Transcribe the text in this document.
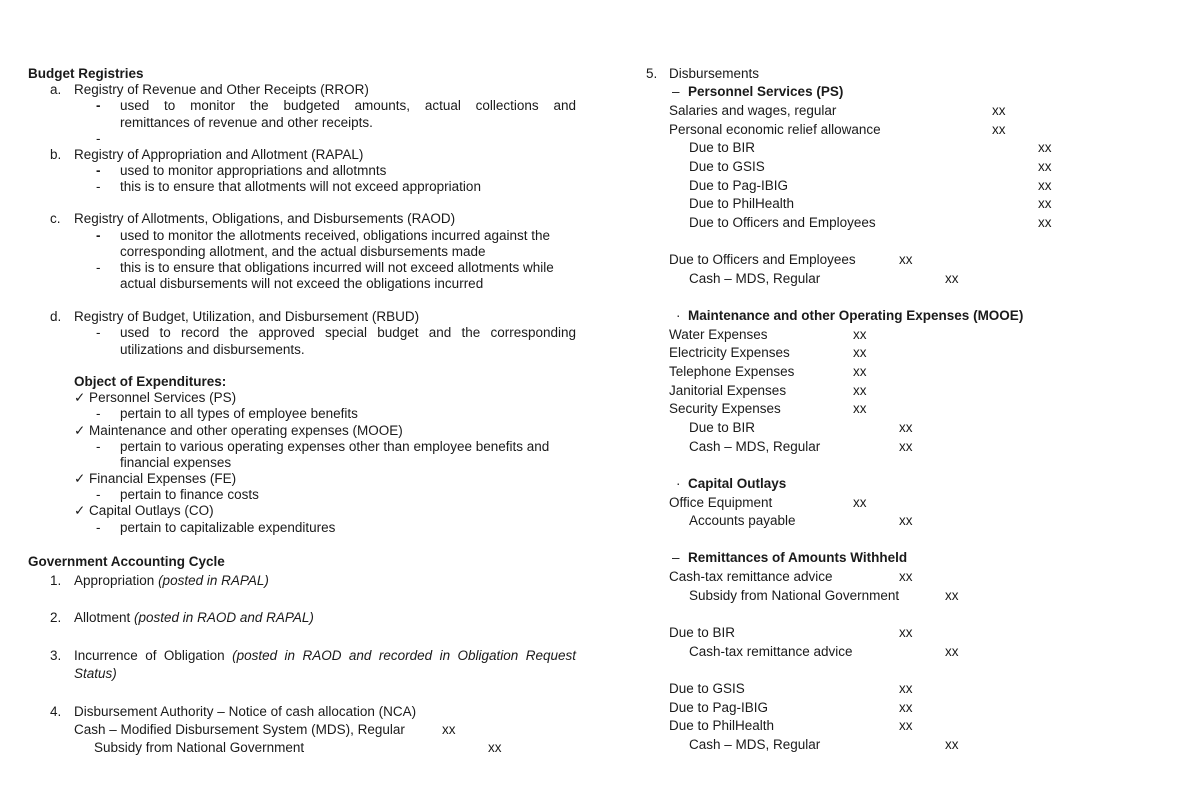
Budget Registries
a. Registry of Revenue and Other Receipts (RROR)
- used to monitor the budgeted amounts, actual collections and
remittances of revenue and other receipts.
-
b. Registry of Appropriation and Allotment (RAPAL)
- used to monitor appropriations and allotmnts
- this is to ensure that allotments will not exceed appropriation
c. Registry of Allotments, Obligations, and Disbursements (RAOD)
- used to monitor the allotments received, obligations incurred against the
corresponding allotment, and the actual disbursements made
- this is to ensure that obligations incurred will not exceed allotments while
actual disbursements will not exceed the obligations incurred
d. Registry of Budget, Utilization, and Disbursement (RBUD)
- used to record the approved special budget and the corresponding
utilizations and disbursements.
Object of Expenditures:
✓ Personnel Services (PS)
- pertain to all types of employee benefits
✓ Maintenance and other operating expenses (MOOE)
- pertain to various operating expenses other than employee benefits and
financial expenses
✓ Financial Expenses (FE)
- pertain to finance costs
✓ Capital Outlays (CO)
- pertain to capitalizable expenditures
Government Accounting Cycle
1. Appropriation (posted in RAPAL)
2. Allotment (posted in RAOD and RAPAL)
3. Incurrence of Obligation (posted in RAOD and recorded in Obligation Request
Status)
4. Disbursement Authority – Notice of cash allocation (NCA)
Cash – Modified Disbursement System (MDS), Regular	xx
Subsidy from National Government	xx
5. Disbursements
– Personnel Services (PS)
Salaries and wages, regular	xx
Personal economic relief allowance	xx
Due to BIR	xx
Due to GSIS	xx
Due to Pag-IBIG	xx
Due to PhilHealth	xx
Due to Officers and Employees	xx
Due to Officers and Employees	xx
Cash – MDS, Regular	xx
· Maintenance and other Operating Expenses (MOOE)
Water Expenses	xx
Electricity Expenses	xx
Telephone Expenses	xx
Janitorial Expenses	xx
Security Expenses	xx
Due to BIR	xx
Cash – MDS, Regular	xx
· Capital Outlays
Office Equipment	xx
Accounts payable	xx
– Remittances of Amounts Withheld
Cash-tax remittance advice	xx
Subsidy from National Government	xx
Due to BIR	xx
Cash-tax remittance advice	xx
Due to GSIS	xx
Due to Pag-IBIG	xx
Due to PhilHealth	xx
Cash – MDS, Regular	xx
